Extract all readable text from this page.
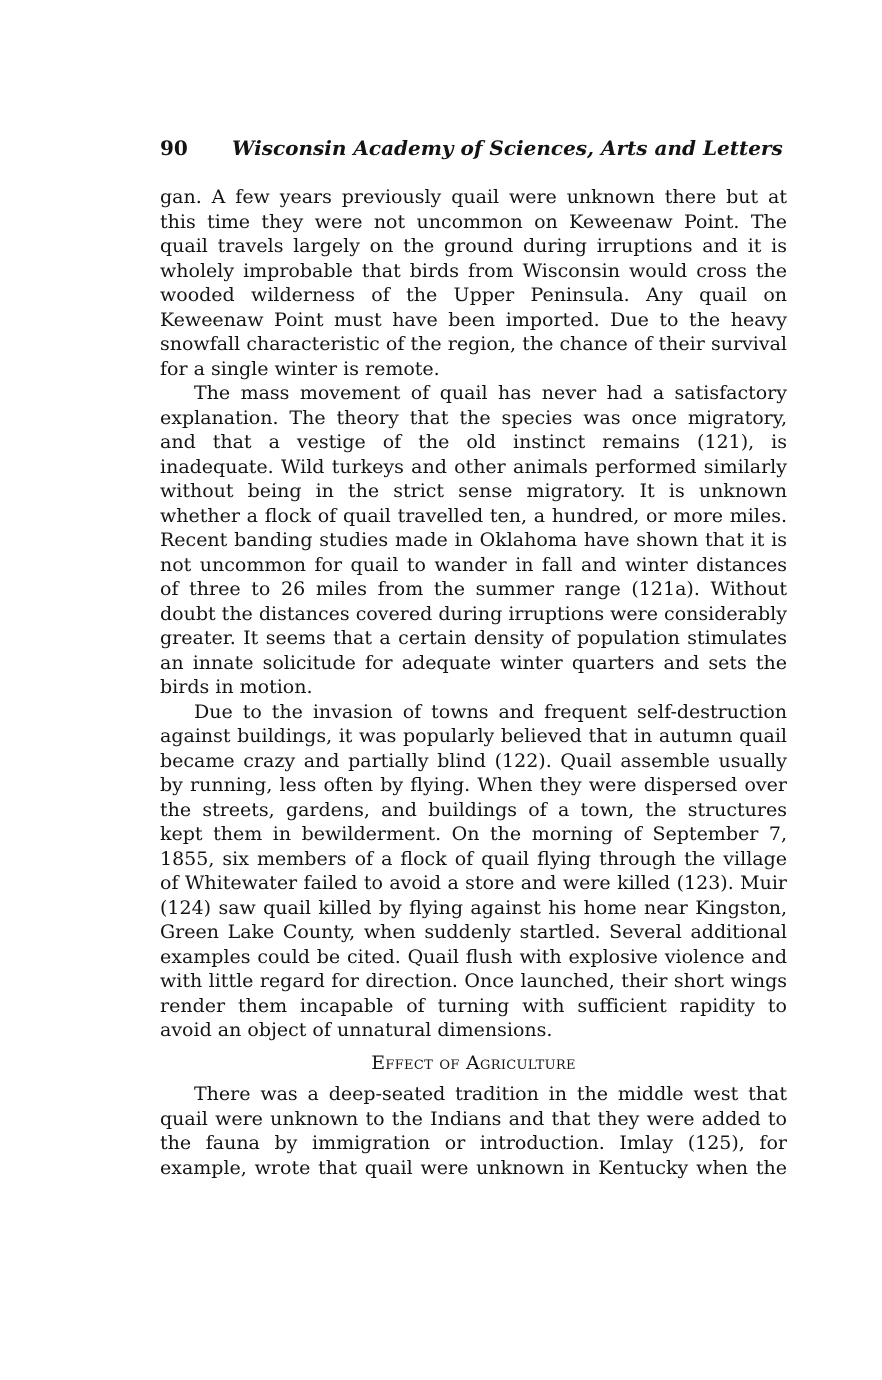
90 Wisconsin Academy of Sciences, Arts and Letters

gan. A few years previously quail were unknown there but at this time they were not uncommon on Keweenaw Point. The quail travels largely on the ground during irruptions and it is wholely improbable that birds from Wisconsin would cross the wooded wilderness of the Upper Peninsula. Any quail on Keweenaw Point must have been imported. Due to the heavy snowfall characteristic of the region, the chance of their survival for a single winter is remote.

The mass movement of quail has never had a satisfactory explanation. The theory that the species was once migratory, and that a vestige of the old instinct remains (121), is inadequate. Wild turkeys and other animals performed similarly without being in the strict sense migratory. It is unknown whether a flock of quail travelled ten, a hundred, or more miles. Recent banding studies made in Oklahoma have shown that it is not uncommon for quail to wander in fall and winter distances of three to 26 miles from the summer range (121a). Without doubt the distances covered during irruptions were considerably greater. It seems that a certain density of population stimulates an innate solicitude for adequate winter quarters and sets the birds in motion.

Due to the invasion of towns and frequent self-destruction against buildings, it was popularly believed that in autumn quail became crazy and partially blind (122). Quail assemble usually by running, less often by flying. When they were dispersed over the streets, gardens, and buildings of a town, the structures kept them in bewilderment. On the morning of September 7, 1855, six members of a flock of quail flying through the village of Whitewater failed to avoid a store and were killed (123). Muir (124) saw quail killed by flying against his home near Kingston, Green Lake County, when suddenly startled. Several additional examples could be cited. Quail flush with explosive violence and with little regard for direction. Once launched, their short wings render them incapable of turning with sufficient rapidity to avoid an object of unnatural dimensions.

Effect of Agriculture

There was a deep-seated tradition in the middle west that quail were unknown to the Indians and that they were added to the fauna by immigration or introduction. Imlay (125), for example, wrote that quail were unknown in Kentucky when the
